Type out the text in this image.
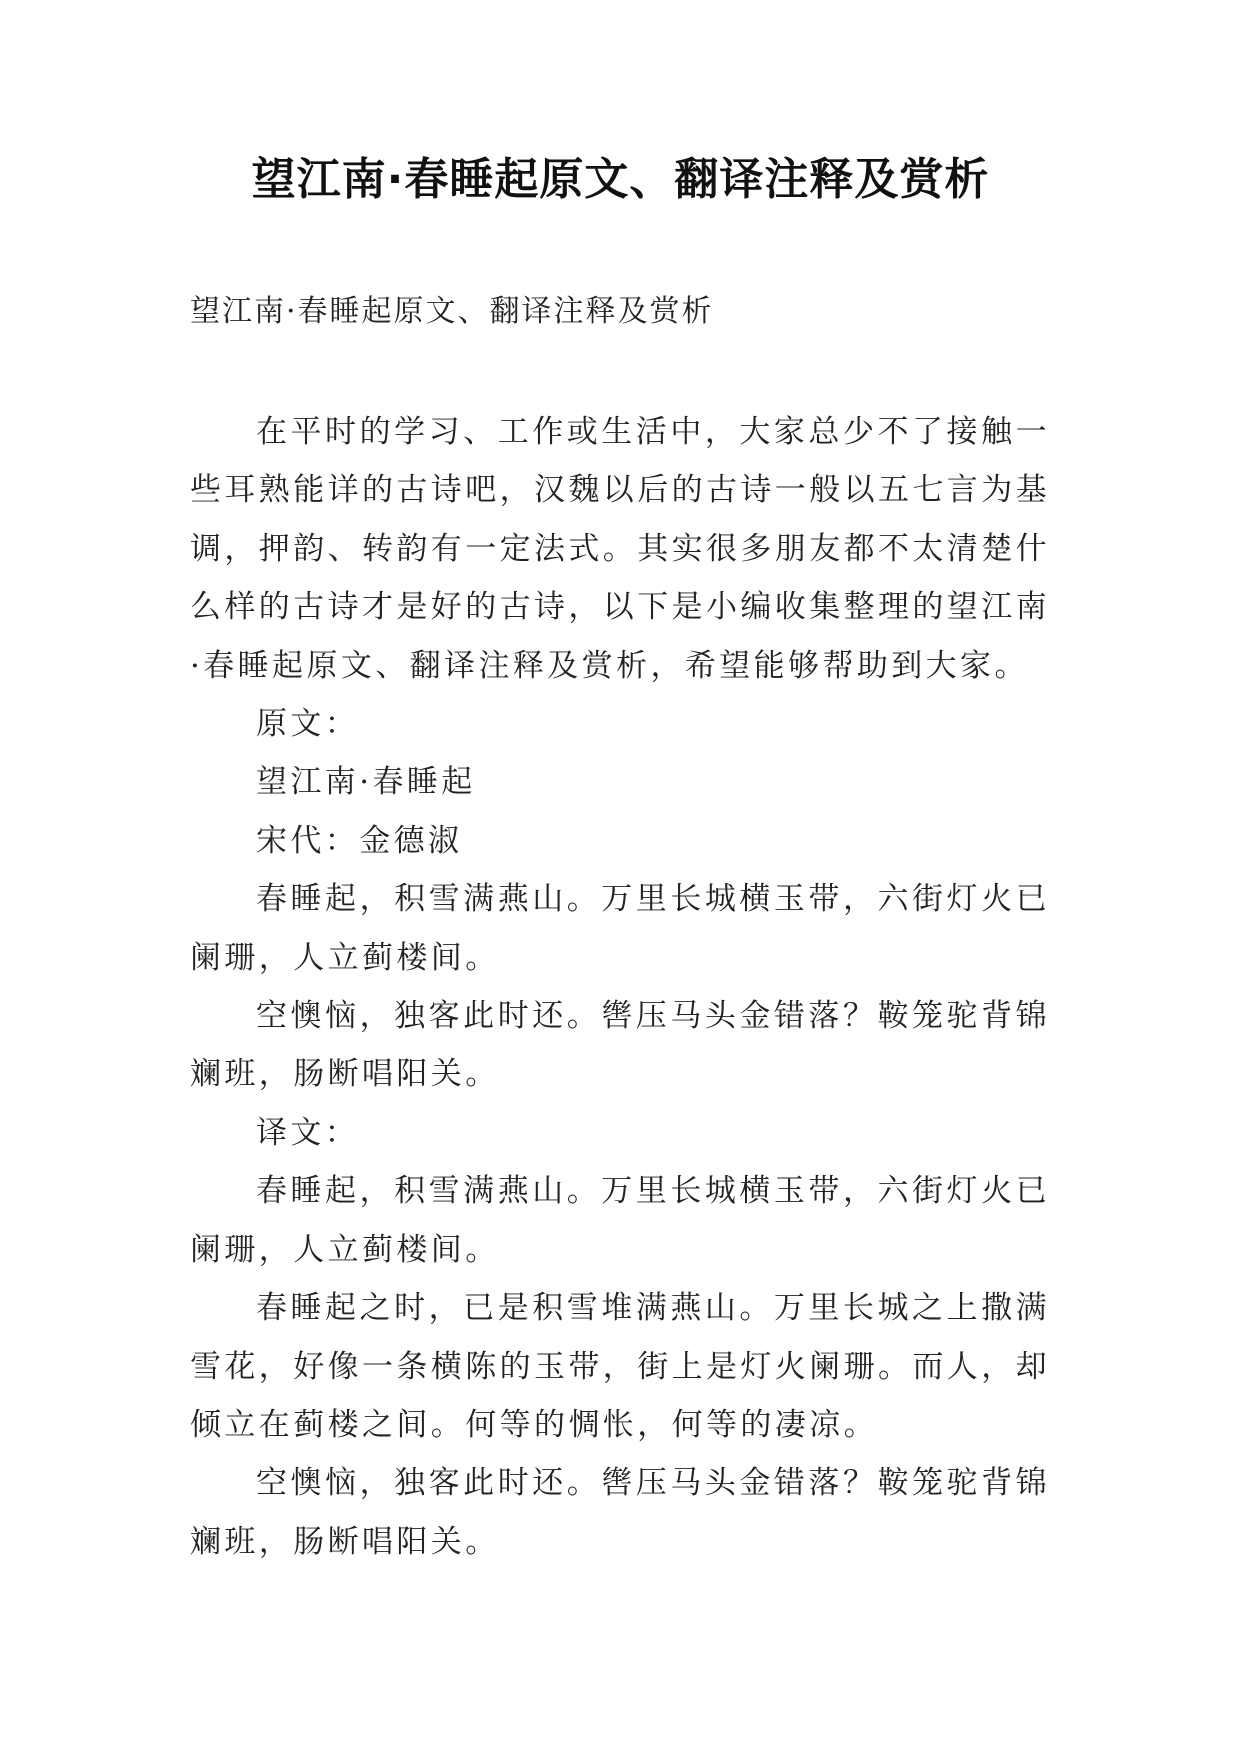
望江南·春睡起原文、翻译注释及赏析
望江南·春睡起原文、翻译注释及赏析

在平时的学习、工作或生活中，大家总少不了接触一些耳熟能详的古诗吧，汉魏以后的古诗一般以五七言为基调，押韵、转韵有一定法式。其实很多朋友都不太清楚什么样的古诗才是好的古诗，以下是小编收集整理的望江南·春睡起原文、翻译注释及赏析，希望能够帮助到大家。

原文：

望江南·春睡起

宋代：金德淑

春睡起，积雪满燕山。万里长城横玉带，六街灯火已阑珊，人立蓟楼间。

空懊恼，独客此时还。辔压马头金错落？鞍笼驼背锦斓班，肠断唱阳关。

译文：

春睡起，积雪满燕山。万里长城横玉带，六街灯火已阑珊，人立蓟楼间。

春睡起之时，已是积雪堆满燕山。万里长城之上撒满雪花，好像一条横陈的玉带，街上是灯火阑珊。而人，却倾立在蓟楼之间。何等的惆怅，何等的凄凉。

空懊恼，独客此时还。辔压马头金错落？鞍笼驼背锦斓班，肠断唱阳关。
